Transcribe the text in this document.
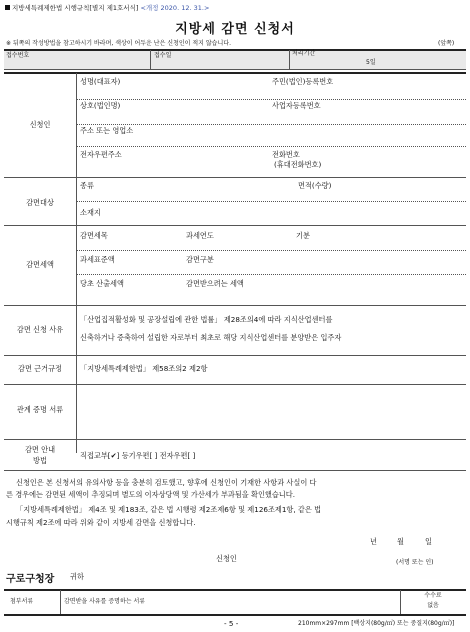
지방세특례제한법 시행규칙[별지 제1호서식] <개정 2020. 12. 31.>
지방세 감면 신청서
※ 뒤쪽의 작성방법을 참고하시기 바라며, 색상이 어두운 난은 신청인이 적지 않습니다.	(앞쪽)
접수번호	접수일	처리기간
5일
신청인
성명(대표자)	주민(법인)등록번호
상호(법인명)	사업자등록번호
주소 또는 영업소
전자우편주소	전화번호
(휴대전화번호)
감면대상
종류	면적(수량)
소재지
감면세액
감면세목	과세연도	기분
과세표준액	감면구분
당초 산출세액	감면받으려는 세액
감면 신청 사유
「산업집적활성화 및 공장설립에 관한 법률」 제28조의4에 따라 지식산업센터를
신축하거나 증축하여 설립한 자로부터 최초로 해당 지식산업센터를 분양받은 입주자
감면 근거규정	「지방세특례제한법」 제58조의2 제2항
관계 증명 서류
감면 안내
방법
직접교부[✔] 등기우편[ ] 전자우편[ ]
신청인은 본 신청서의 유의사항 등을 충분히 검토했고, 향후에 신청인이 기재한 사항과 사실이 다
른 경우에는 감면된 세액이 추징되며 별도의 이자상당액 및 가산세가 부과됨을 확인했습니다.
「지방세특례제한법」 제4조 및 제183조, 같은 법 시행령 제2조제6항 및 제126조제1항, 같은 법
시행규칙 제2조에 따라 위와 같이 지방세 감면을 신청합니다.
년	월	일
신청인	(서명 또는 인)
구로구청장 귀하
첨부서류	감면받을 사유를 증명하는 서류
수수료
없음
- 5 -	210mm×297mm [백상지(80g/㎡) 또는 중질지(80g/㎡)]
